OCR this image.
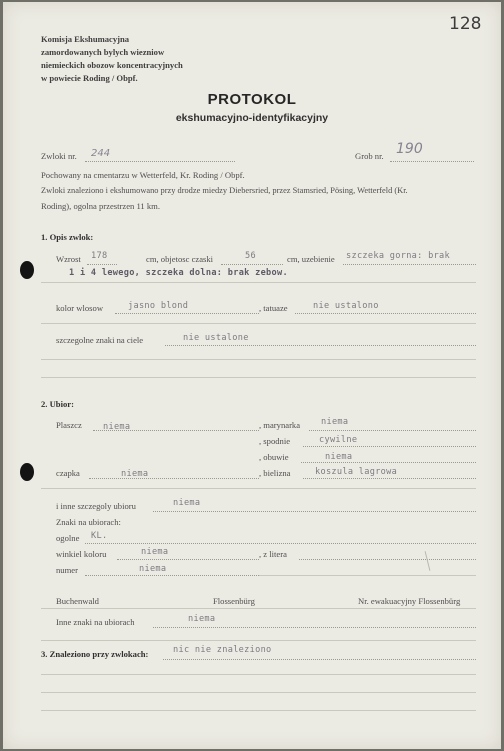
128
Komisja Ekshumacyjna
zamordowanych bylych wiezniow
niemieckich obozow koncentracyjnych
w powiecie Roding / Obpf.
PROTOKOL
ekshumacyjno-identyfikacyjny
Zwloki nr. 244	Grob nr. 190
Pochowany na cmentarzu w Wetterfeld, Kr. Roding / Obpf.
Zwloki znaleziono i ekshumowano przy drodze miedzy Diebersried, przez Stamsried, Pösing, Wetterfeld (Kr.
Roding), ogolna przestrzen 11 km.
1. Opis zwlok:
Wzrost 178	cm, objetosc czaski	56	cm, uzebienie szczeka gorna: brak
1 i 4 lewego, szczeka dolna: brak zebow.
kolor wlosow	jasno blond	, tatuaze	nie ustalono
szczegolne znaki na ciele	nie ustalone
2. Ubior:
Plaszcz niema	, marynarka niema
, spodnie	cywilne
, obuwie	niema
czapka	niema	, bielizna	koszula lagrowa
i inne szczegoly ubioru	niema
Znaki na ubiorach:
ogolne KL.
winkiel koloru	niema	, z litera
numer	niema
Buchenwald	Flossenbürg	Nr. ewakuacyjny Flossenbürg
Inne znaki na ubiorach	niema
3. Znaleziono przy zwlokach:	nic nie znaleziono
